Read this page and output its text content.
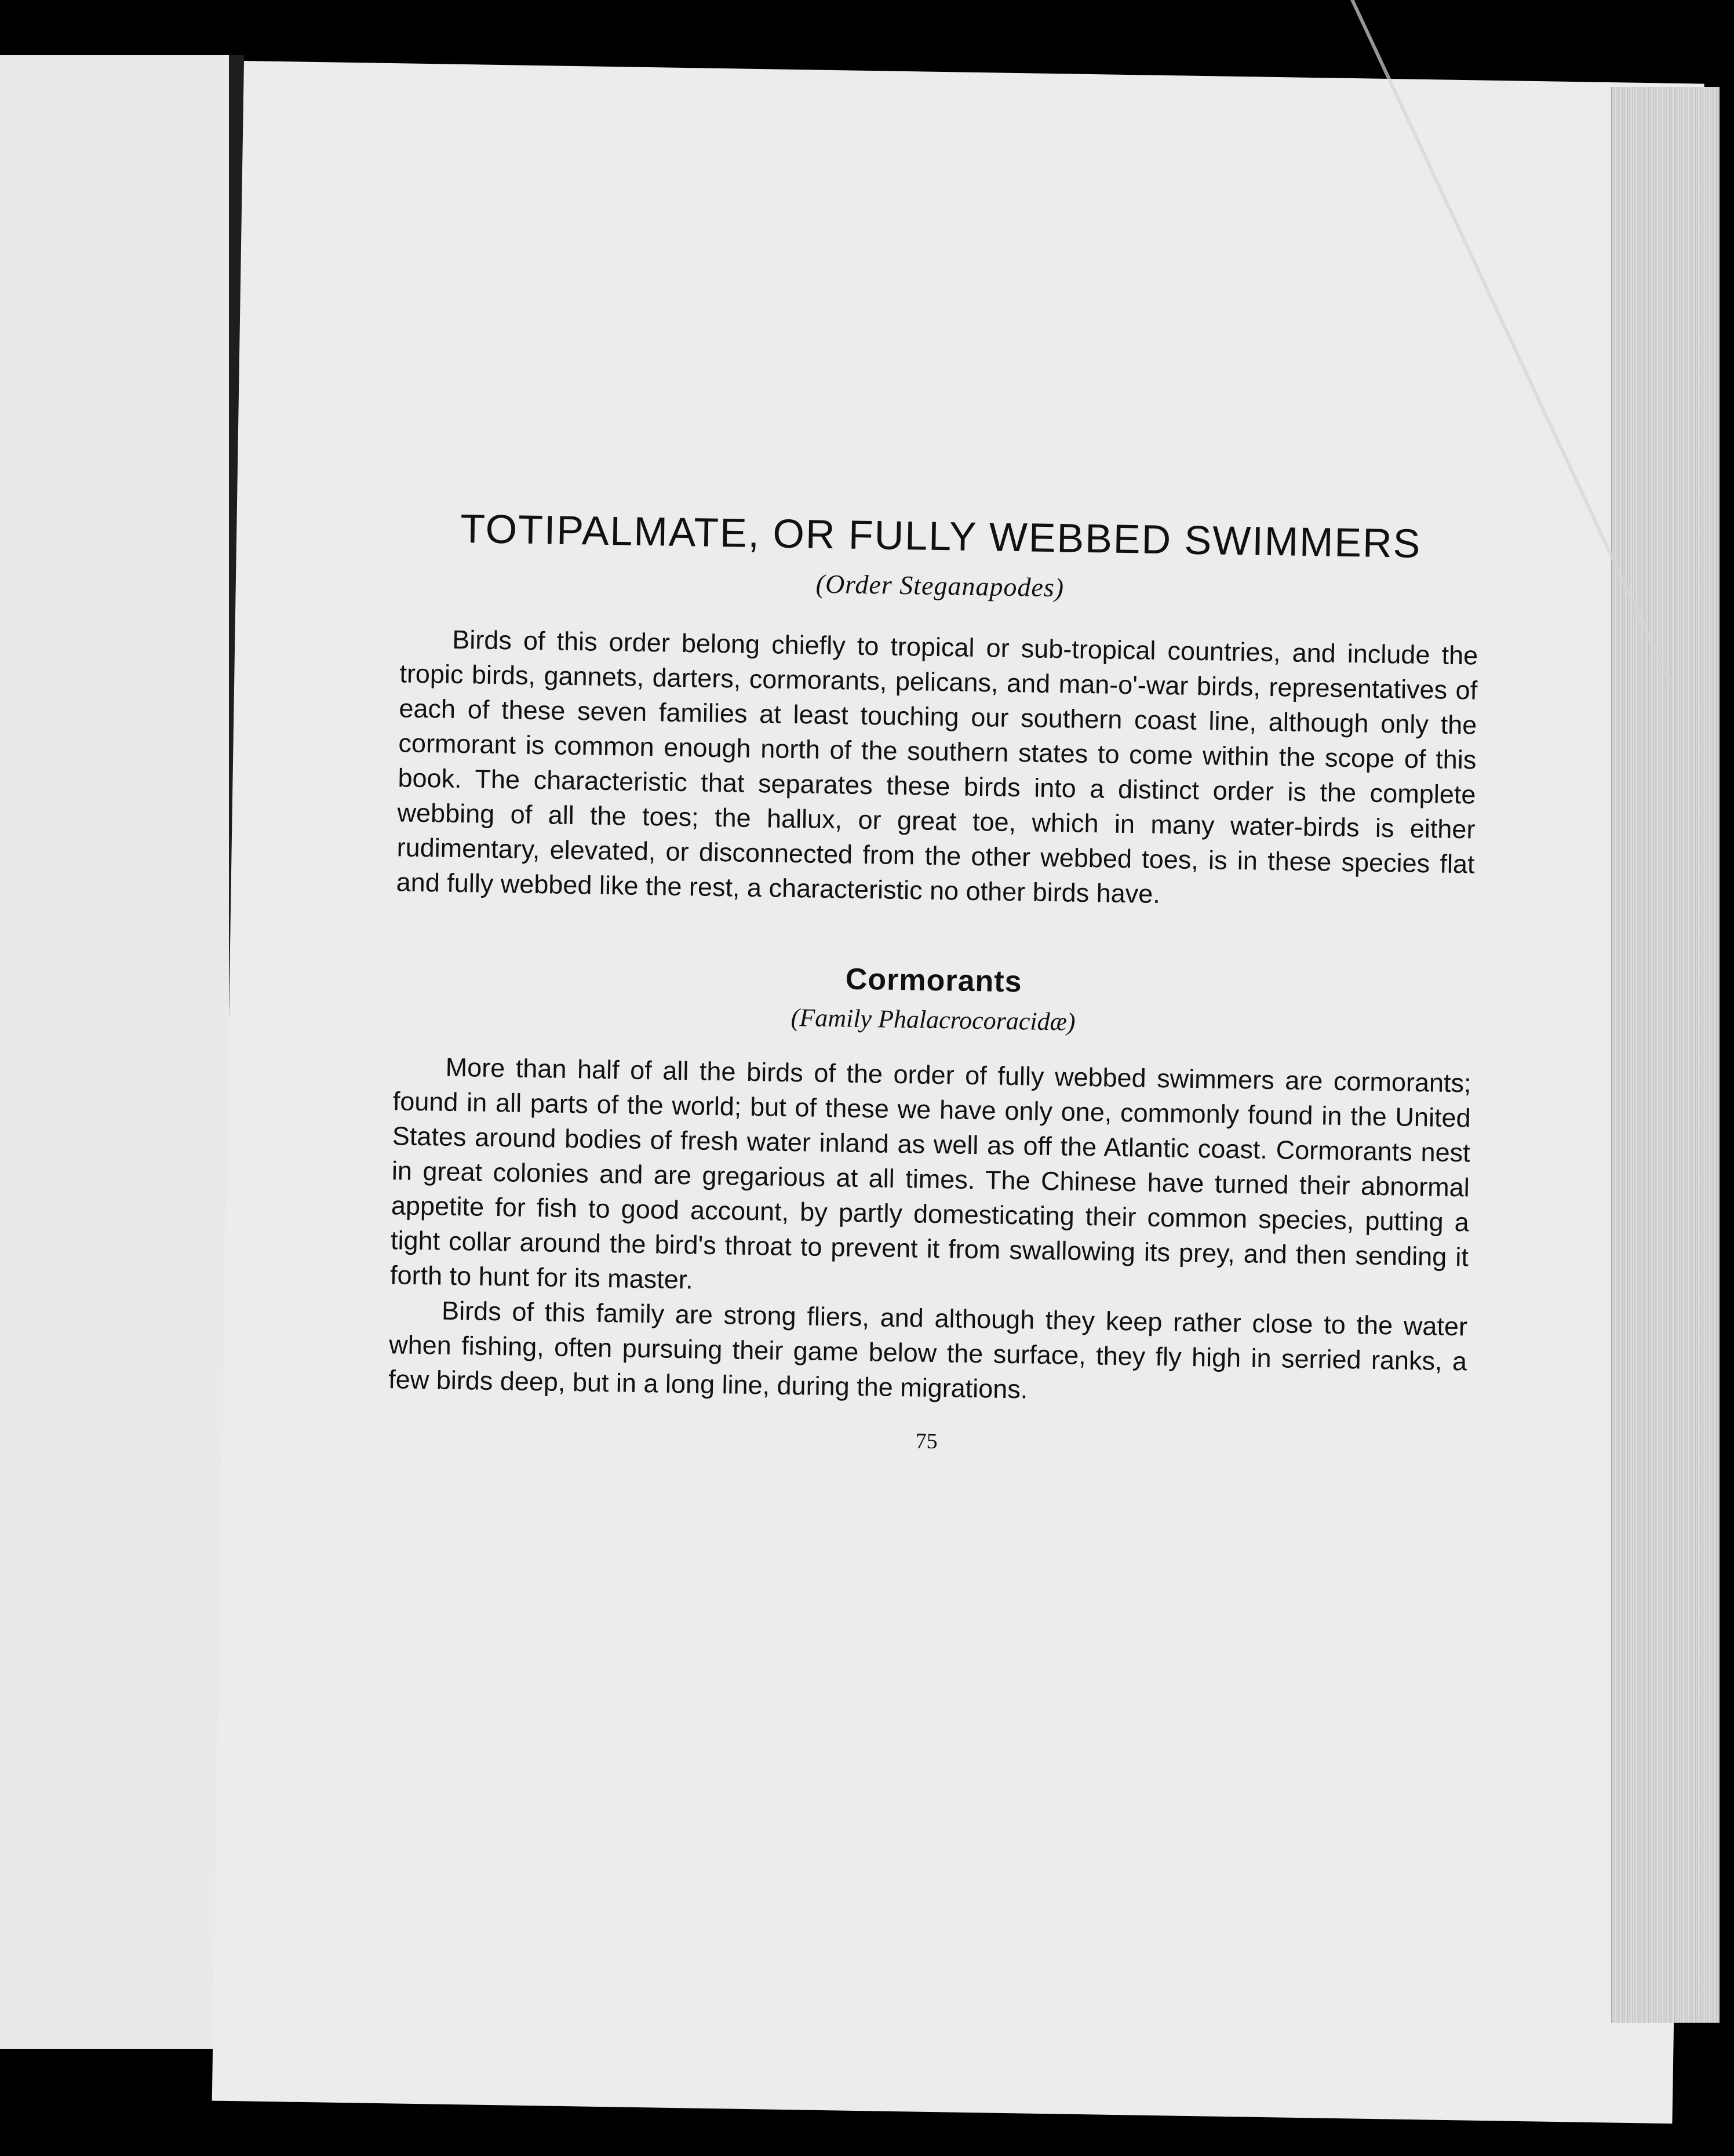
TOTIPALMATE, OR FULLY WEBBED SWIMMERS
(Order Steganapodes)

Birds of this order belong chiefly to tropical or sub-tropical countries, and include the tropic birds, gannets, darters, cormorants, pelicans, and man-o'-war birds, representatives of each of these seven families at least touching our southern coast line, although only the cormorant is common enough north of the southern states to come within the scope of this book. The characteristic that separates these birds into a distinct order is the complete webbing of all the toes; the hallux, or great toe, which in many water-birds is either rudimentary, elevated, or disconnected from the other webbed toes, is in these species flat and fully webbed like the rest, a characteristic no other birds have.

Cormorants
(Family Phalacrocoracidæ)

More than half of all the birds of the order of fully webbed swimmers are cormorants; found in all parts of the world; but of these we have only one, commonly found in the United States around bodies of fresh water inland as well as off the Atlantic coast. Cormorants nest in great colonies and are gregarious at all times. The Chinese have turned their abnormal appetite for fish to good account, by partly domesticating their common species, putting a tight collar around the bird's throat to prevent it from swallowing its prey, and then sending it forth to hunt for its master.

Birds of this family are strong fliers, and although they keep rather close to the water when fishing, often pursuing their game below the surface, they fly high in serried ranks, a few birds deep, but in a long line, during the migrations.

75
